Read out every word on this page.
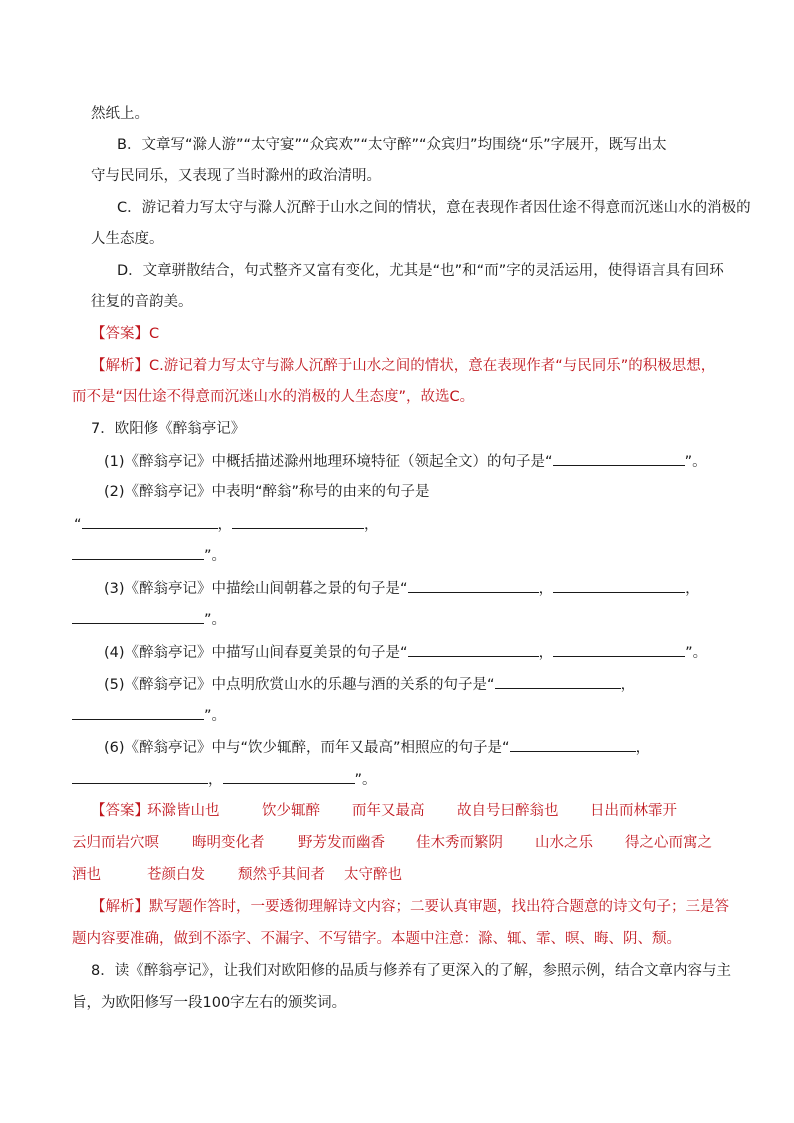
然纸上。
B．文章写“滁人游”“太守宴”“众宾欢”“太守醉”“众宾归”均围绕“乐”字展开，既写出太
守与民同乐，又表现了当时滁州的政治清明。
C．游记着力写太守与滁人沉醉于山水之间的情状，意在表现作者因仕途不得意而沉迷山水的消极的
人生态度。
D．文章骈散结合，句式整齐又富有变化，尤其是“也”和“而”字的灵活运用，使得语言具有回环
往复的音韵美。
【答案】C
【解析】C.游记着力写太守与滁人沉醉于山水之间的情状，意在表现作者“与民同乐”的积极思想，
而不是“因仕途不得意而沉迷山水的消极的人生态度”，故选C。
7．欧阳修《醉翁亭记》
(1)《醉翁亭记》中概括描述滁州地理环境特征（领起全文）的句子是“	”。
(2)《醉翁亭记》中表明“醉翁”称号的由来的句子是
“	，	，
”。
(3)《醉翁亭记》中描绘山间朝暮之景的句子是“	，	，
”。
(4)《醉翁亭记》中描写山间春夏美景的句子是“	，	”。
(5)《醉翁亭记》中点明欣赏山水的乐趣与酒的关系的句子是“	，
”。
(6)《醉翁亭记》中与“饮少辄醉，而年又最高”相照应的句子是“	，
，	”。
【答案】
环滁皆山也	饮少辄醉 而年又最高 故自号曰醉翁也 日出而林霏开
云归而岩穴暝 晦明变化者 野芳发而幽香 佳木秀而繁阴 山水之乐 得之心而寓之
酒也	苍颜白发 颓然乎其间者 太守醉也
【解析】默写题作答时，一要透彻理解诗文内容；二要认真审题，找出符合题意的诗文句子；三是答
题内容要准确，做到不添字、不漏字、不写错字。本题中注意：滁、辄、霏、暝、晦、阴、颓。
8．读《醉翁亭记》，让我们对欧阳修的品质与修养有了更深入的了解，参照示例，结合文章内容与主
旨，为欧阳修写一段100字左右的颁奖词。
